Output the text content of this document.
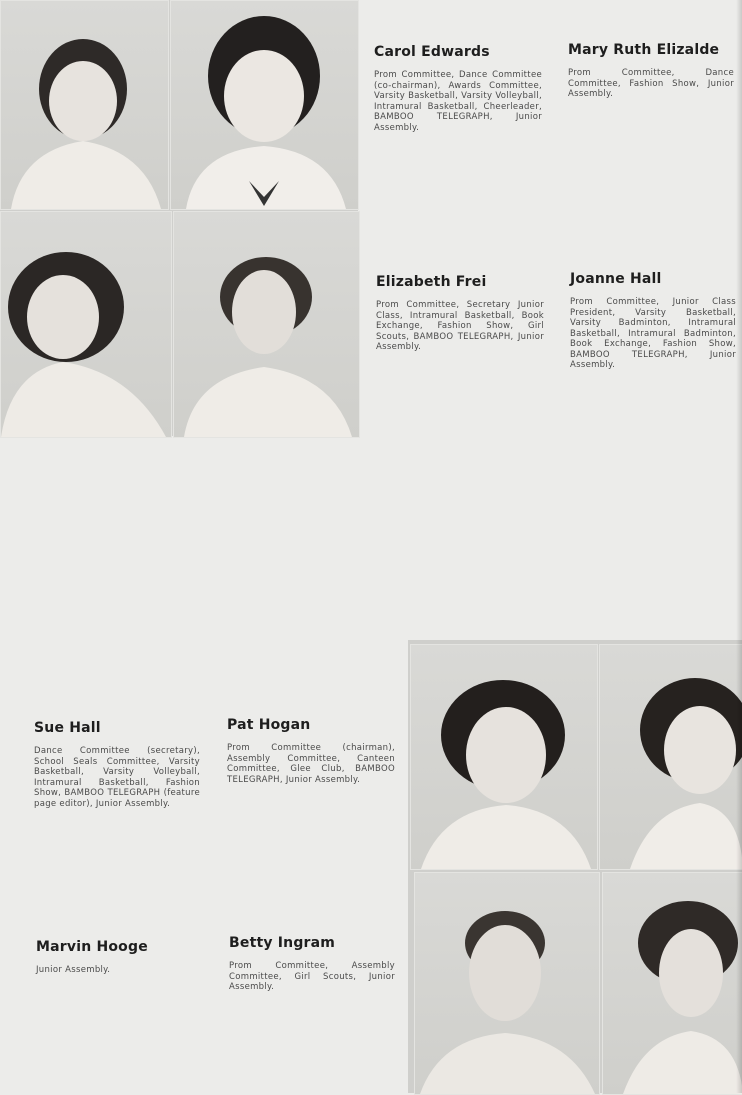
Carol Edwards

Prom Committee, Dance Committee (co-chairman), Awards Committee, Varsity Basketball, Varsity Volleyball, Intramural Basketball, Cheerleader, BAMBOO TELEGRAPH, Junior Assembly.

Mary Ruth Elizalde

Prom Committee, Dance Committee, Fashion Show, Junior Assembly.

Elizabeth Frei

Prom Committee, Secretary Junior Class, Intramural Basketball, Book Exchange, Fashion Show, Girl Scouts, BAMBOO TELEGRAPH, Junior Assembly.

Joanne Hall

Prom Committee, Junior Class President, Varsity Basketball, Varsity Badminton, Intramural Basketball, Intramural Badminton, Book Exchange, Fashion Show, BAMBOO TELEGRAPH, Junior Assembly.

Sue Hall

Dance Committee (secretary), School Seals Committee, Varsity Basketball, Varsity Volleyball, Intramural Basketball, Fashion Show, BAMBOO TELEGRAPH (feature page editor), Junior Assembly.

Pat Hogan

Prom Committee (chairman), Assembly Committee, Canteen Committee, Glee Club, BAMBOO TELEGRAPH, Junior Assembly.

Marvin Hooge

Junior Assembly.

Betty Ingram

Prom Committee, Assembly Committee, Girl Scouts, Junior Assembly.
